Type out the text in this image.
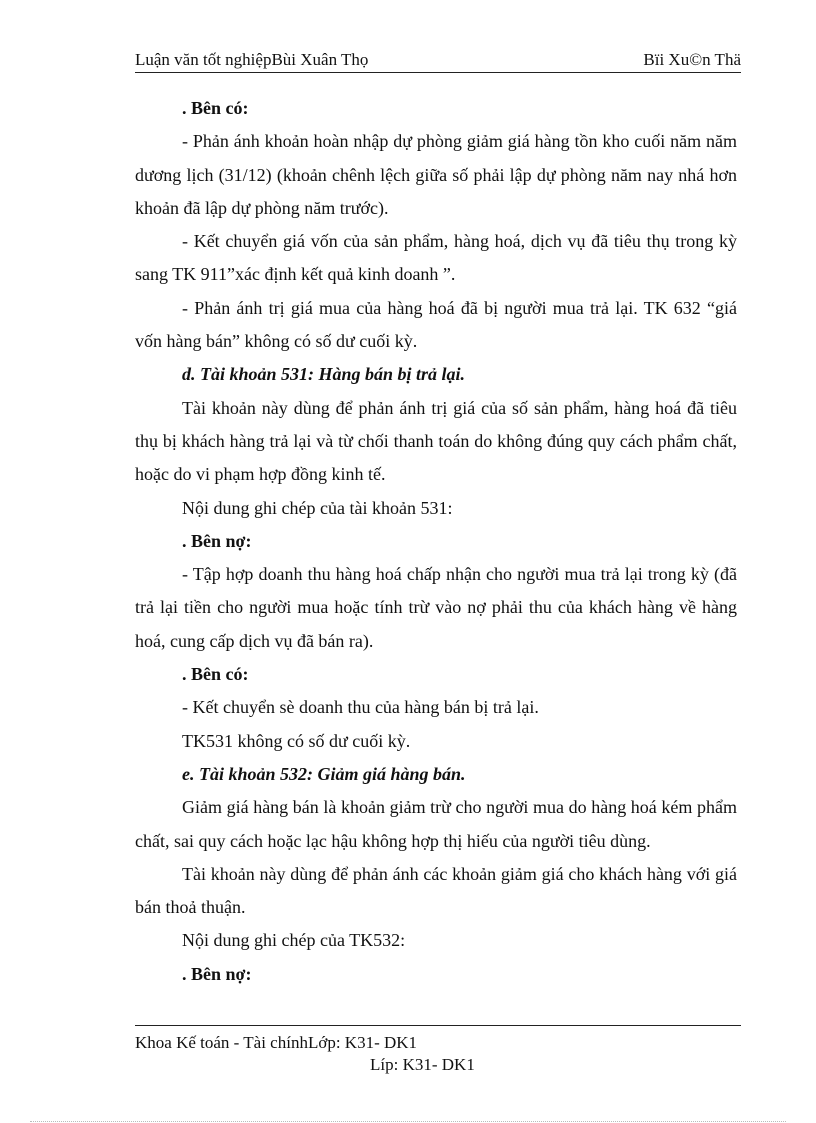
Luận văn tốt nghiệpBùi Xuân Thọ	Bïi Xu©n Thä

. Bên có:

- Phản ánh khoản hoàn nhập dự phòng giảm giá hàng tồn kho cuối năm năm dương lịch (31/12) (khoản chênh lệch giữa số phải lập dự phòng năm nay nhá hơn khoản đã lập dự phòng năm trước).

- Kết chuyển giá vốn của sản phẩm, hàng hoá, dịch vụ đã tiêu thụ trong kỳ sang TK 911”xác định kết quả kinh doanh ”.

- Phản ánh trị giá mua của hàng hoá đã bị người mua trả lại. TK 632 “giá vốn hàng bán” không có số dư cuối kỳ.

d. Tài khoản 531: Hàng bán bị trả lại.

Tài khoản này dùng để phản ánh trị giá của số sản phẩm, hàng hoá đã tiêu thụ bị khách hàng trả lại và từ chối thanh toán do không đúng quy cách phẩm chất, hoặc do vi phạm hợp đồng kinh tế.

Nội dung ghi chép của tài khoản 531:

. Bên nợ:

- Tập hợp doanh thu hàng hoá chấp nhận cho người mua trả lại trong kỳ (đã trả lại tiền cho người mua hoặc tính trừ vào nợ phải thu của khách hàng về hàng hoá, cung cấp dịch vụ đã bán ra).

. Bên có:

- Kết chuyển sè doanh thu của hàng bán bị trả lại.

TK531 không có số dư cuối kỳ.

e. Tài khoản 532: Giảm giá hàng bán.

Giảm giá hàng bán là khoản giảm trừ cho người mua do hàng hoá kém phẩm chất, sai quy cách hoặc lạc hậu không hợp thị hiếu của người tiêu dùng.

Tài khoản này dùng để phản ánh các khoản giảm giá cho khách hàng với giá bán thoả thuận.

Nội dung ghi chép của TK532:

. Bên nợ:

Khoa Kế toán - Tài chínhLớp: K31- DK1
Líp: K31- DK1
